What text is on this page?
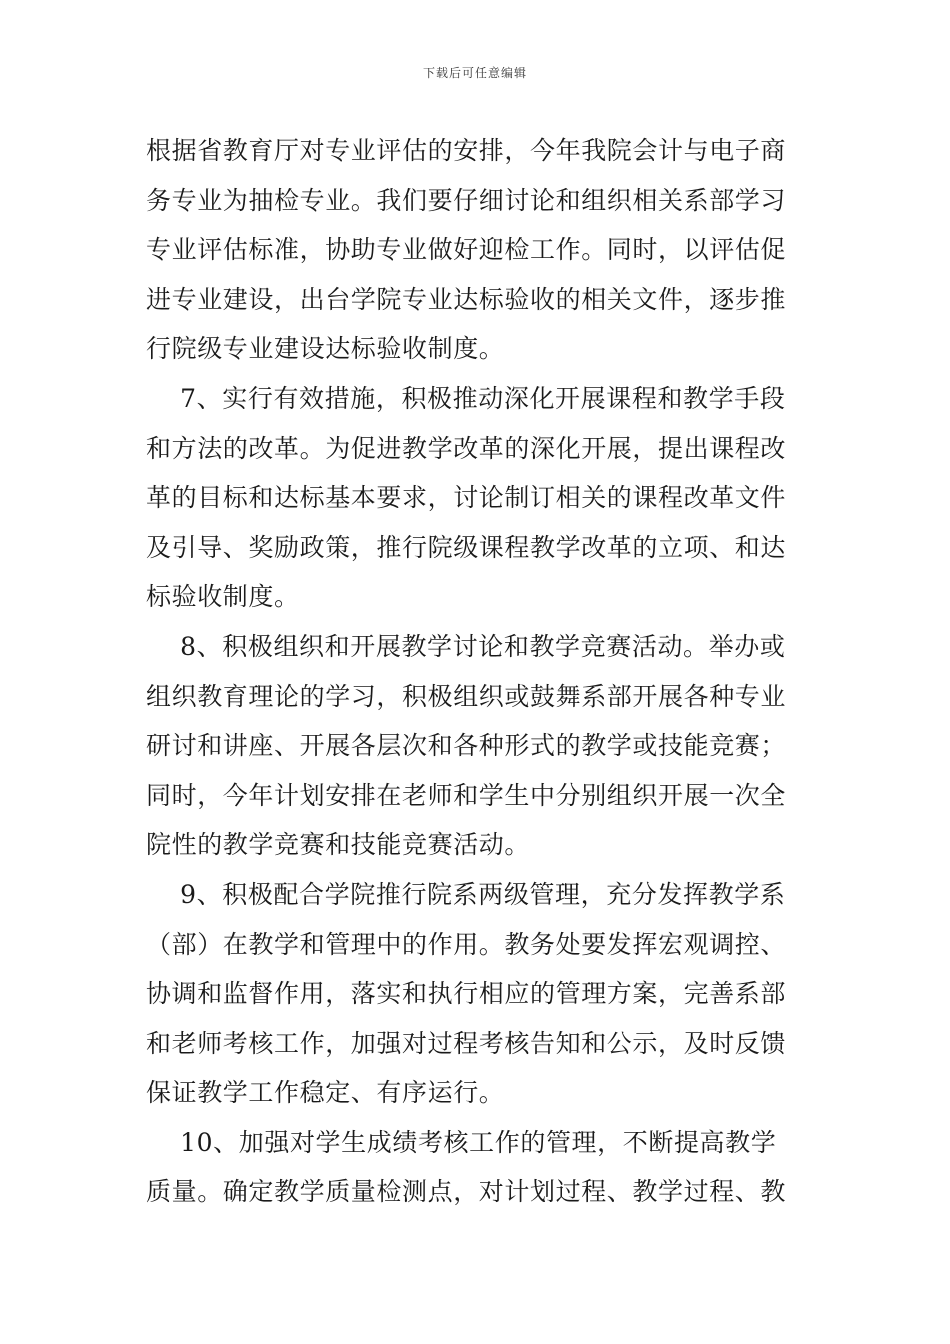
下载后可任意编辑
根据省教育厅对专业评估的安排，今年我院会计与电子商
务专业为抽检专业。我们要仔细讨论和组织相关系部学习
专业评估标准，协助专业做好迎检工作。同时，以评估促
进专业建设，出台学院专业达标验收的相关文件，逐步推
行院级专业建设达标验收制度。
　 7、实行有效措施，积极推动深化开展课程和教学手段
和方法的改革。为促进教学改革的深化开展，提出课程改
革的目标和达标基本要求，讨论制订相关的课程改革文件
及引导、奖励政策，推行院级课程教学改革的立项、和达
标验收制度。
　 8、积极组织和开展教学讨论和教学竞赛活动。举办或
组织教育理论的学习，积极组织或鼓舞系部开展各种专业
研讨和讲座、开展各层次和各种形式的教学或技能竞赛；
同时，今年计划安排在老师和学生中分别组织开展一次全
院性的教学竞赛和技能竞赛活动。
　 9、积极配合学院推行院系两级管理，充分发挥教学系
（部）在教学和管理中的作用。教务处要发挥宏观调控、
协调和监督作用，落实和执行相应的管理方案，完善系部
和老师考核工作，加强对过程考核告知和公示，及时反馈
保证教学工作稳定、有序运行。
　 10、加强对学生成绩考核工作的管理，不断提高教学
质量。确定教学质量检测点，对计划过程、教学过程、教
